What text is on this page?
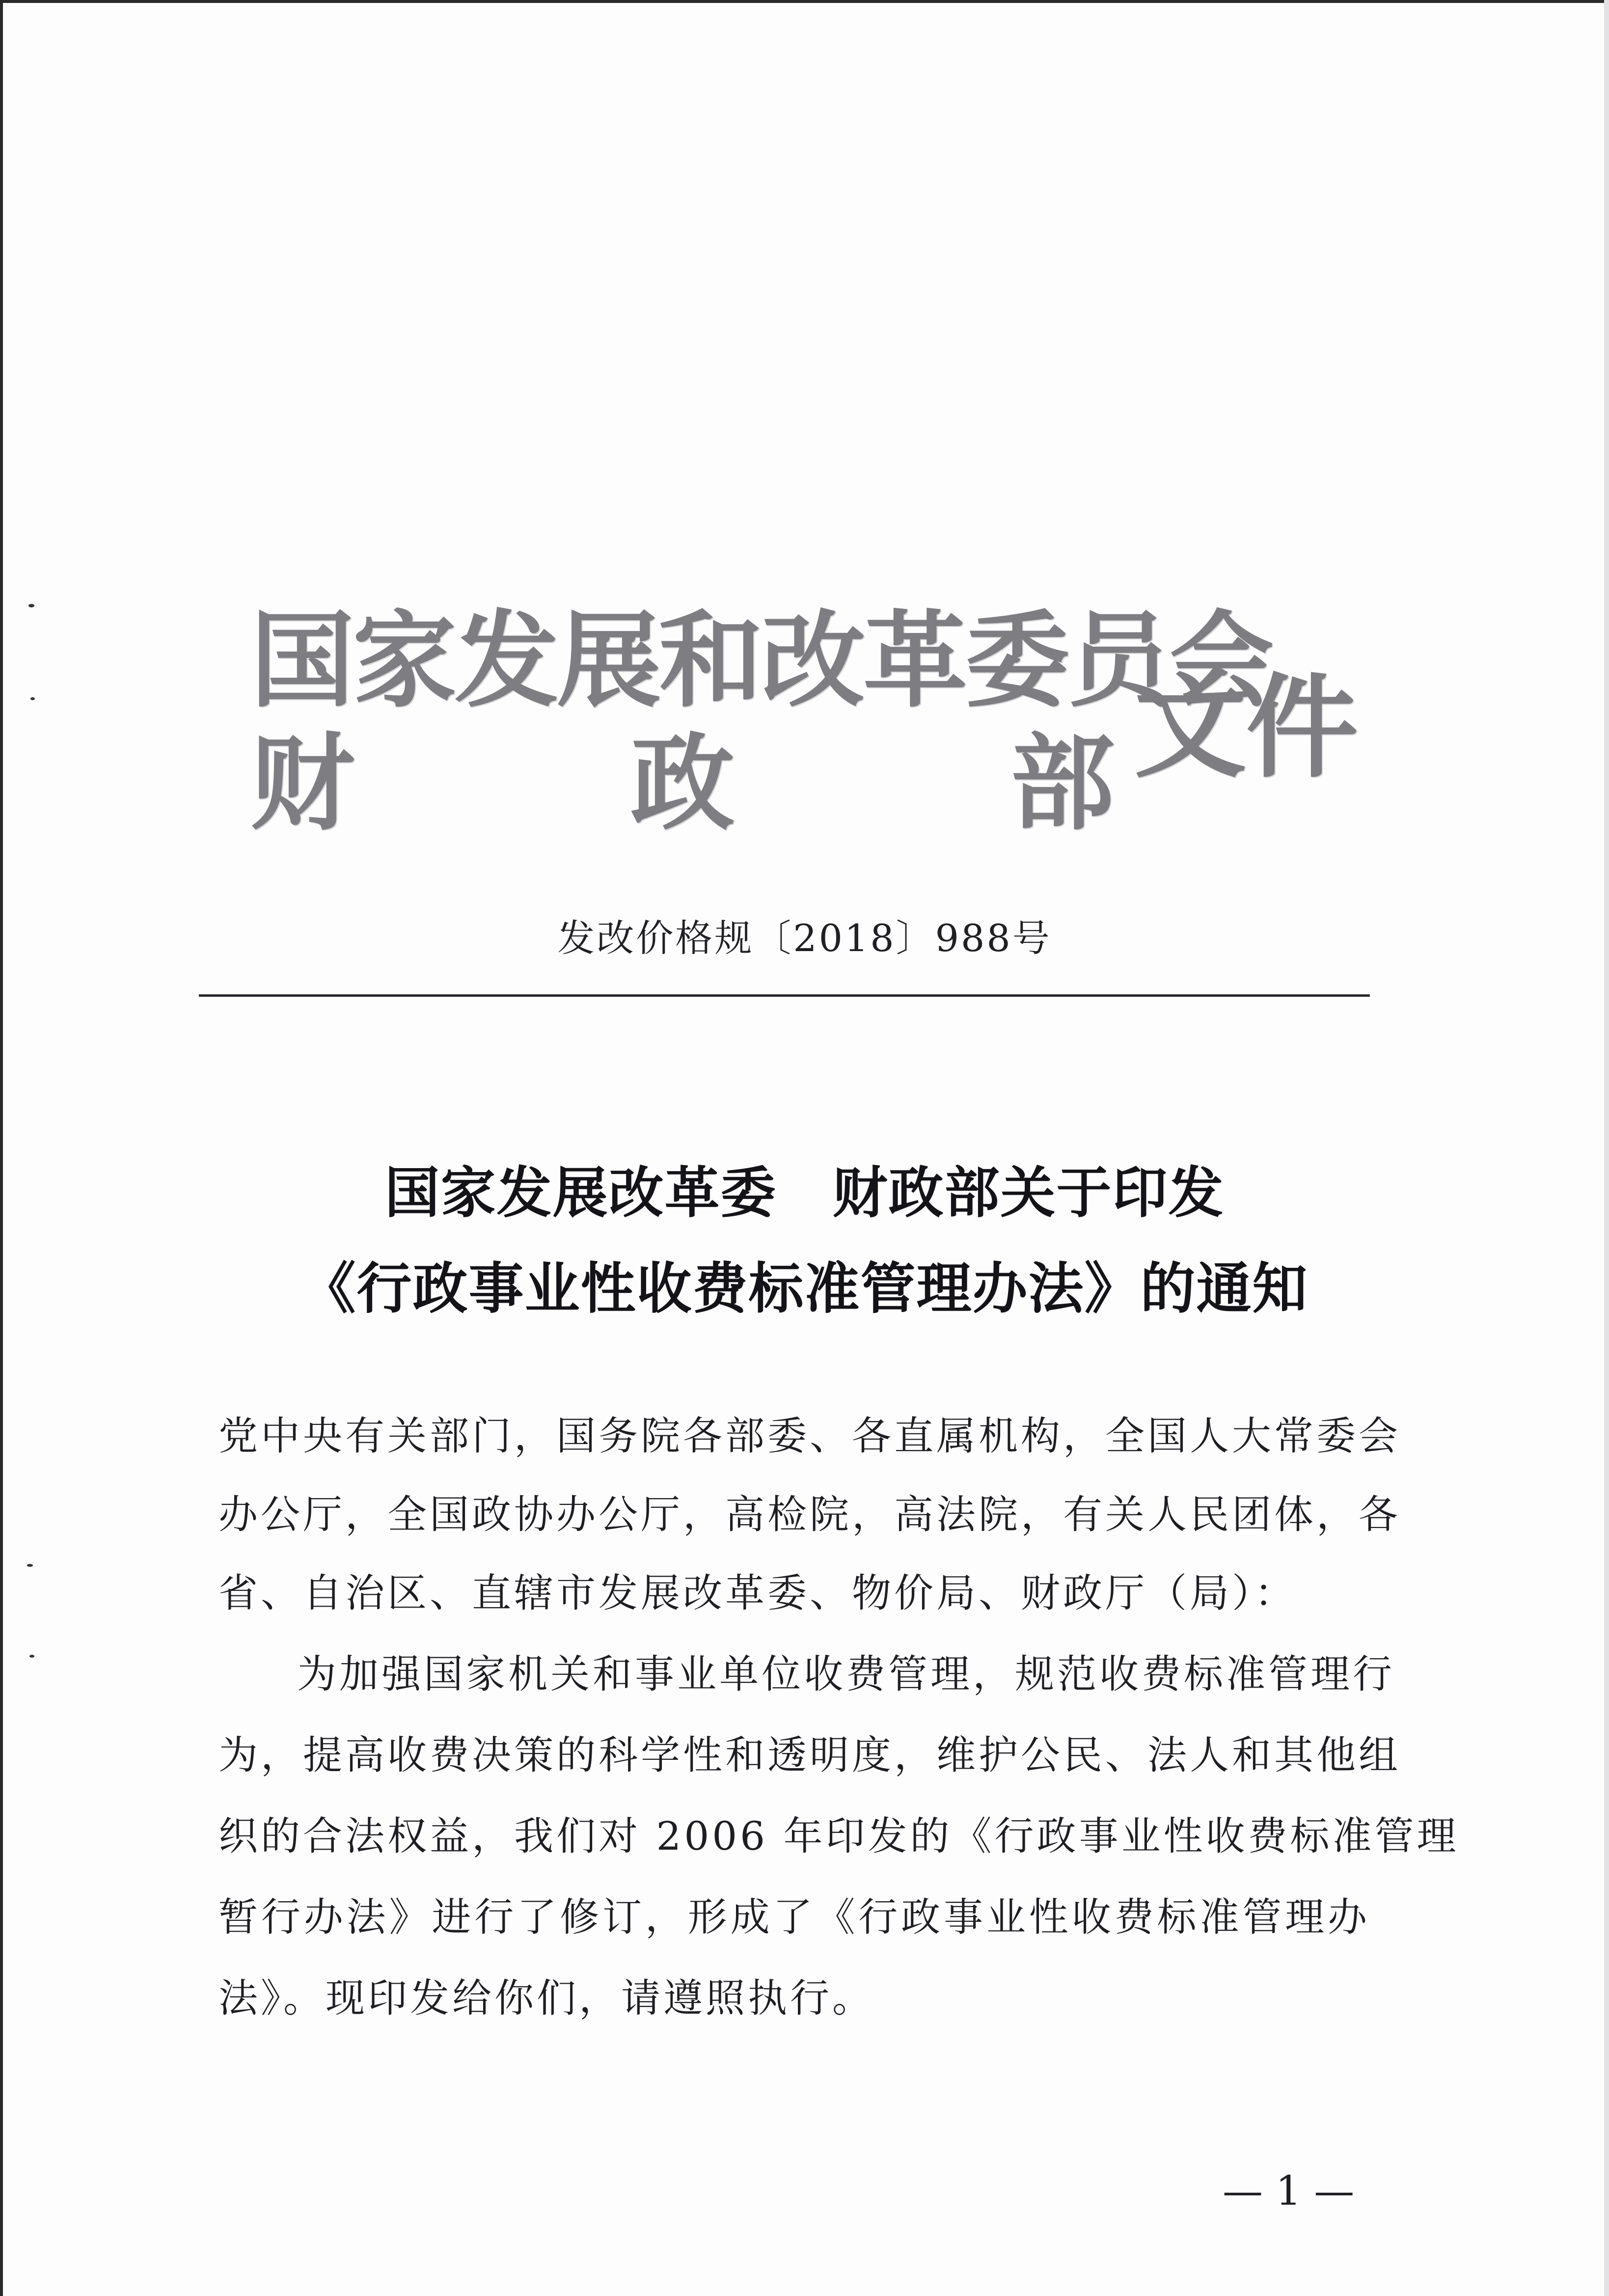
国家发展和改革委员会
财	政	部 文件
发改价格规〔2018〕988号
国家发展改革委　财政部关于印发
《行政事业性收费标准管理办法》的通知
党中央有关部门，国务院各部委、各直属机构，全国人大常委会
办公厅，全国政协办公厅，高检院，高法院，有关人民团体，各
省、自治区、直辖市发展改革委、物价局、财政厅（局）：
为加强国家机关和事业单位收费管理，规范收费标准管理行
为，提高收费决策的科学性和透明度，维护公民、法人和其他组
织的合法权益，我们对 2006 年印发的《行政事业性收费标准管理
暂行办法》进行了修订，形成了《行政事业性收费标准管理办
法》。现印发给你们，请遵照执行。
— 1 —
